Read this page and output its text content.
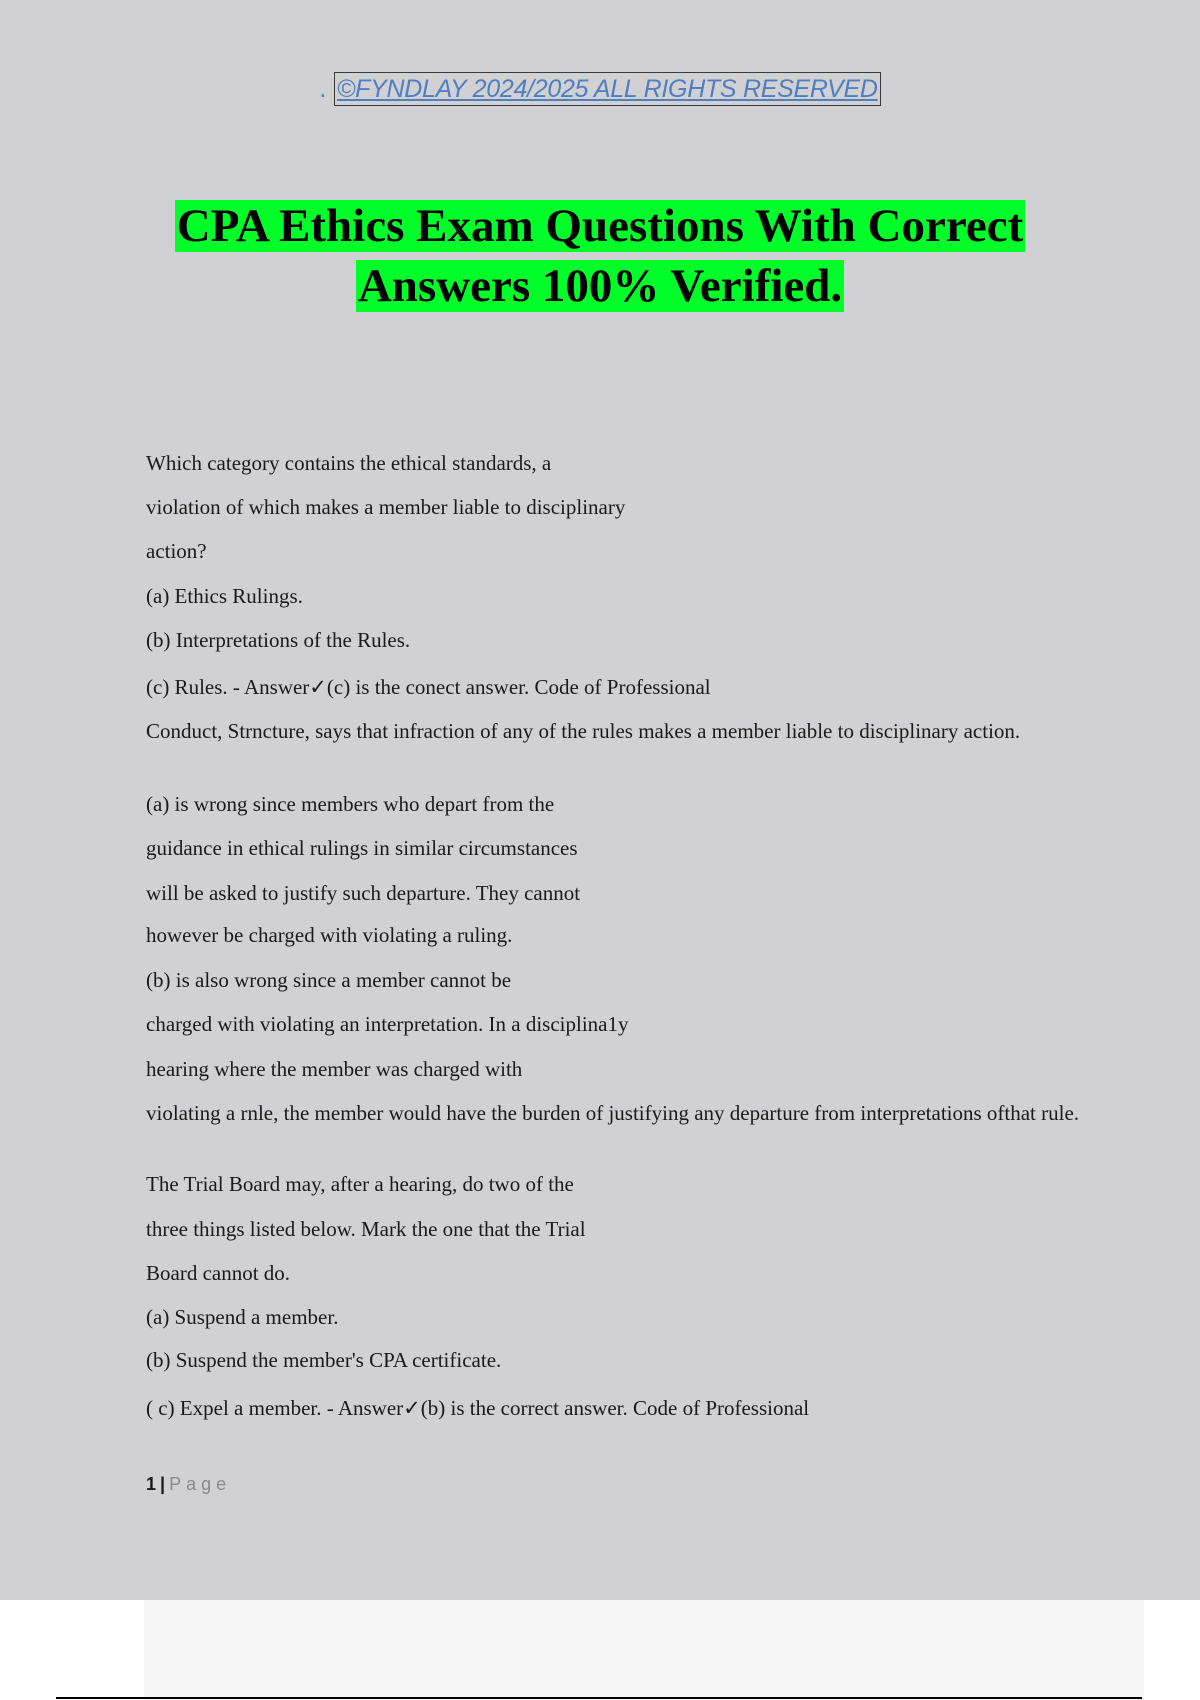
. ©FYNDLAY 2024/2025 ALL RIGHTS RESERVED
CPA Ethics Exam Questions With Correct
Answers 100% Verified.
Which category contains the ethical standards, a
violation of which makes a member liable to disciplinary
action?
(a) Ethics Rulings.
(b) Interpretations of the Rules.
(c) Rules. - Answer✓(c) is the conect answer. Code of Professional
Conduct, Strncture, says that infraction of any of the rules makes a member liable to disciplinary action.
(a) is wrong since members who depart from the
guidance in ethical rulings in similar circumstances
will be asked to justify such departure. They cannot
however be charged with violating a ruling.
(b) is also wrong since a member cannot be
charged with violating an interpretation. In a disciplina1y
hearing where the member was charged with
violating a rnle, the member would have the burden of justifying any departure from interpretations ofthat rule.
The Trial Board may, after a hearing, do two of the
three things listed below. Mark the one that the Trial
Board cannot do.
(a) Suspend a member.
(b) Suspend the member's CPA certificate.
( c) Expel a member. - Answer✓(b) is the correct answer. Code of Professional
1 | Page
